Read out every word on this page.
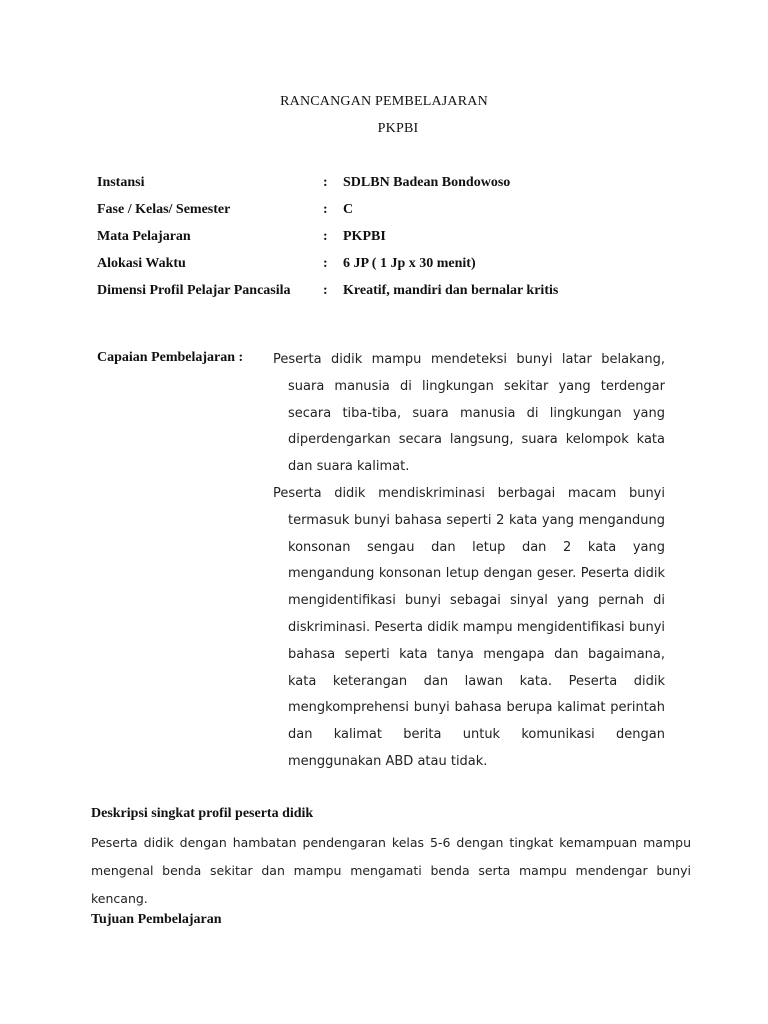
RANCANGAN PEMBELAJARAN
PKPBI
Instansi	: SDLBN Badean Bondowoso
Fase / Kelas/ Semester	: C
Mata Pelajaran	: PKPBI
Alokasi Waktu	: 6 JP ( 1 Jp x 30 menit)
Dimensi Profil Pelajar Pancasila : Kreatif, mandiri dan bernalar kritis
Capaian Pembelajaran : Peserta didik mampu mendeteksi bunyi latar belakang, suara manusia di lingkungan sekitar yang terdengar secara tiba-tiba, suara manusia di lingkungan yang diperdengarkan secara langsung, suara kelompok kata dan suara kalimat.

Peserta didik mendiskriminasi berbagai macam bunyi termasuk bunyi bahasa seperti 2 kata yang mengandung konsonan sengau dan letup dan 2 kata yang mengandung konsonan letup dengan geser. Peserta didik mengidentifikasi bunyi sebagai sinyal yang pernah di diskriminasi. Peserta didik mampu mengidentifikasi bunyi bahasa seperti kata tanya mengapa dan bagaimana, kata keterangan dan lawan kata. Peserta didik mengkomprehensi bunyi bahasa berupa kalimat perintah dan kalimat berita untuk komunikasi dengan menggunakan ABD atau tidak.

Deskripsi singkat profil peserta didik
Peserta didik dengan hambatan pendengaran kelas 5-6 dengan tingkat kemampuan mampu mengenal benda sekitar dan mampu mengamati benda serta mampu mendengar bunyi kencang.
Tujuan Pembelajaran
